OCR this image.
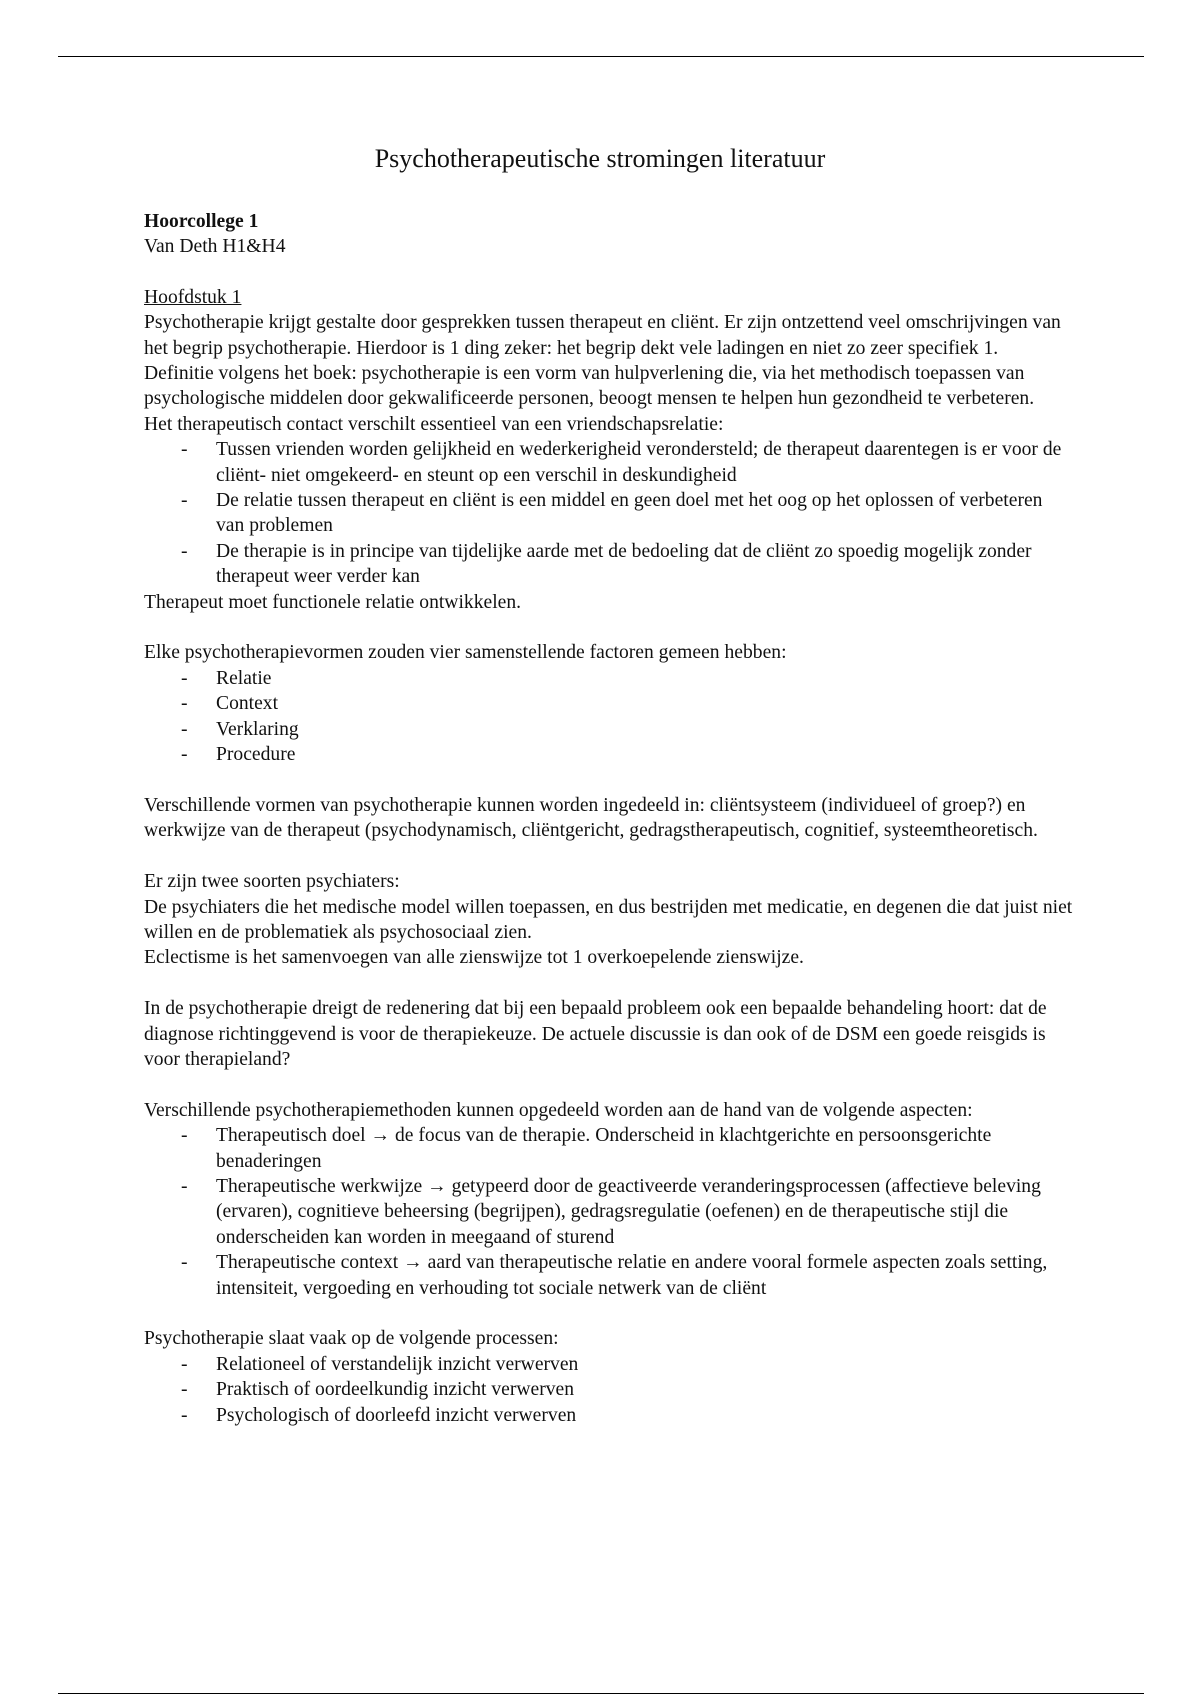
Psychotherapeutische stromingen literatuur

Hoorcollege 1

Van Deth H1&H4

Hoofdstuk 1

Psychotherapie krijgt gestalte door gesprekken tussen therapeut en cliënt. Er zijn ontzettend veel omschrijvingen van het begrip psychotherapie. Hierdoor is 1 ding zeker: het begrip dekt vele ladingen en niet zo zeer specifiek 1.

Definitie volgens het boek: psychotherapie is een vorm van hulpverlening die, via het methodisch toepassen van psychologische middelen door gekwalificeerde personen, beoogt mensen te helpen hun gezondheid te verbeteren.

Het therapeutisch contact verschilt essentieel van een vriendschapsrelatie:

- Tussen vrienden worden gelijkheid en wederkerigheid verondersteld; de therapeut daarentegen is er voor de cliënt- niet omgekeerd- en steunt op een verschil in deskundigheid
- De relatie tussen therapeut en cliënt is een middel en geen doel met het oog op het oplossen of verbeteren van problemen
- De therapie is in principe van tijdelijke aarde met de bedoeling dat de cliënt zo spoedig mogelijk zonder therapeut weer verder kan

Therapeut moet functionele relatie ontwikkelen.

Elke psychotherapievormen zouden vier samenstellende factoren gemeen hebben:

- Relatie
- Context
- Verklaring
- Procedure

Verschillende vormen van psychotherapie kunnen worden ingedeeld in: cliëntsysteem (individueel of groep?) en werkwijze van de therapeut (psychodynamisch, cliëntgericht, gedragstherapeutisch, cognitief, systeemtheoretisch.

Er zijn twee soorten psychiaters:

De psychiaters die het medische model willen toepassen, en dus bestrijden met medicatie, en degenen die dat juist niet willen en de problematiek als psychosociaal zien.

Eclectisme is het samenvoegen van alle zienswijze tot 1 overkoepelende zienswijze.

In de psychotherapie dreigt de redenering dat bij een bepaald probleem ook een bepaalde behandeling hoort: dat de diagnose richtinggevend is voor de therapiekeuze. De actuele discussie is dan ook of de DSM een goede reisgids is voor therapieland?

Verschillende psychotherapiemethoden kunnen opgedeeld worden aan de hand van de volgende aspecten:

- Therapeutisch doel → de focus van de therapie. Onderscheid in klachtgerichte en persoonsgerichte benaderingen
- Therapeutische werkwijze → getypeerd door de geactiveerde veranderingsprocessen (affectieve beleving (ervaren), cognitieve beheersing (begrijpen), gedragsregulatie (oefenen) en de therapeutische stijl die onderscheiden kan worden in meegaand of sturend
- Therapeutische context → aard van therapeutische relatie en andere vooral formele aspecten zoals setting, intensiteit, vergoeding en verhouding tot sociale netwerk van de cliënt

Psychotherapie slaat vaak op de volgende processen:

- Relationeel of verstandelijk inzicht verwerven
- Praktisch of oordeelkundig inzicht verwerven
- Psychologisch of doorleefd inzicht verwerven
